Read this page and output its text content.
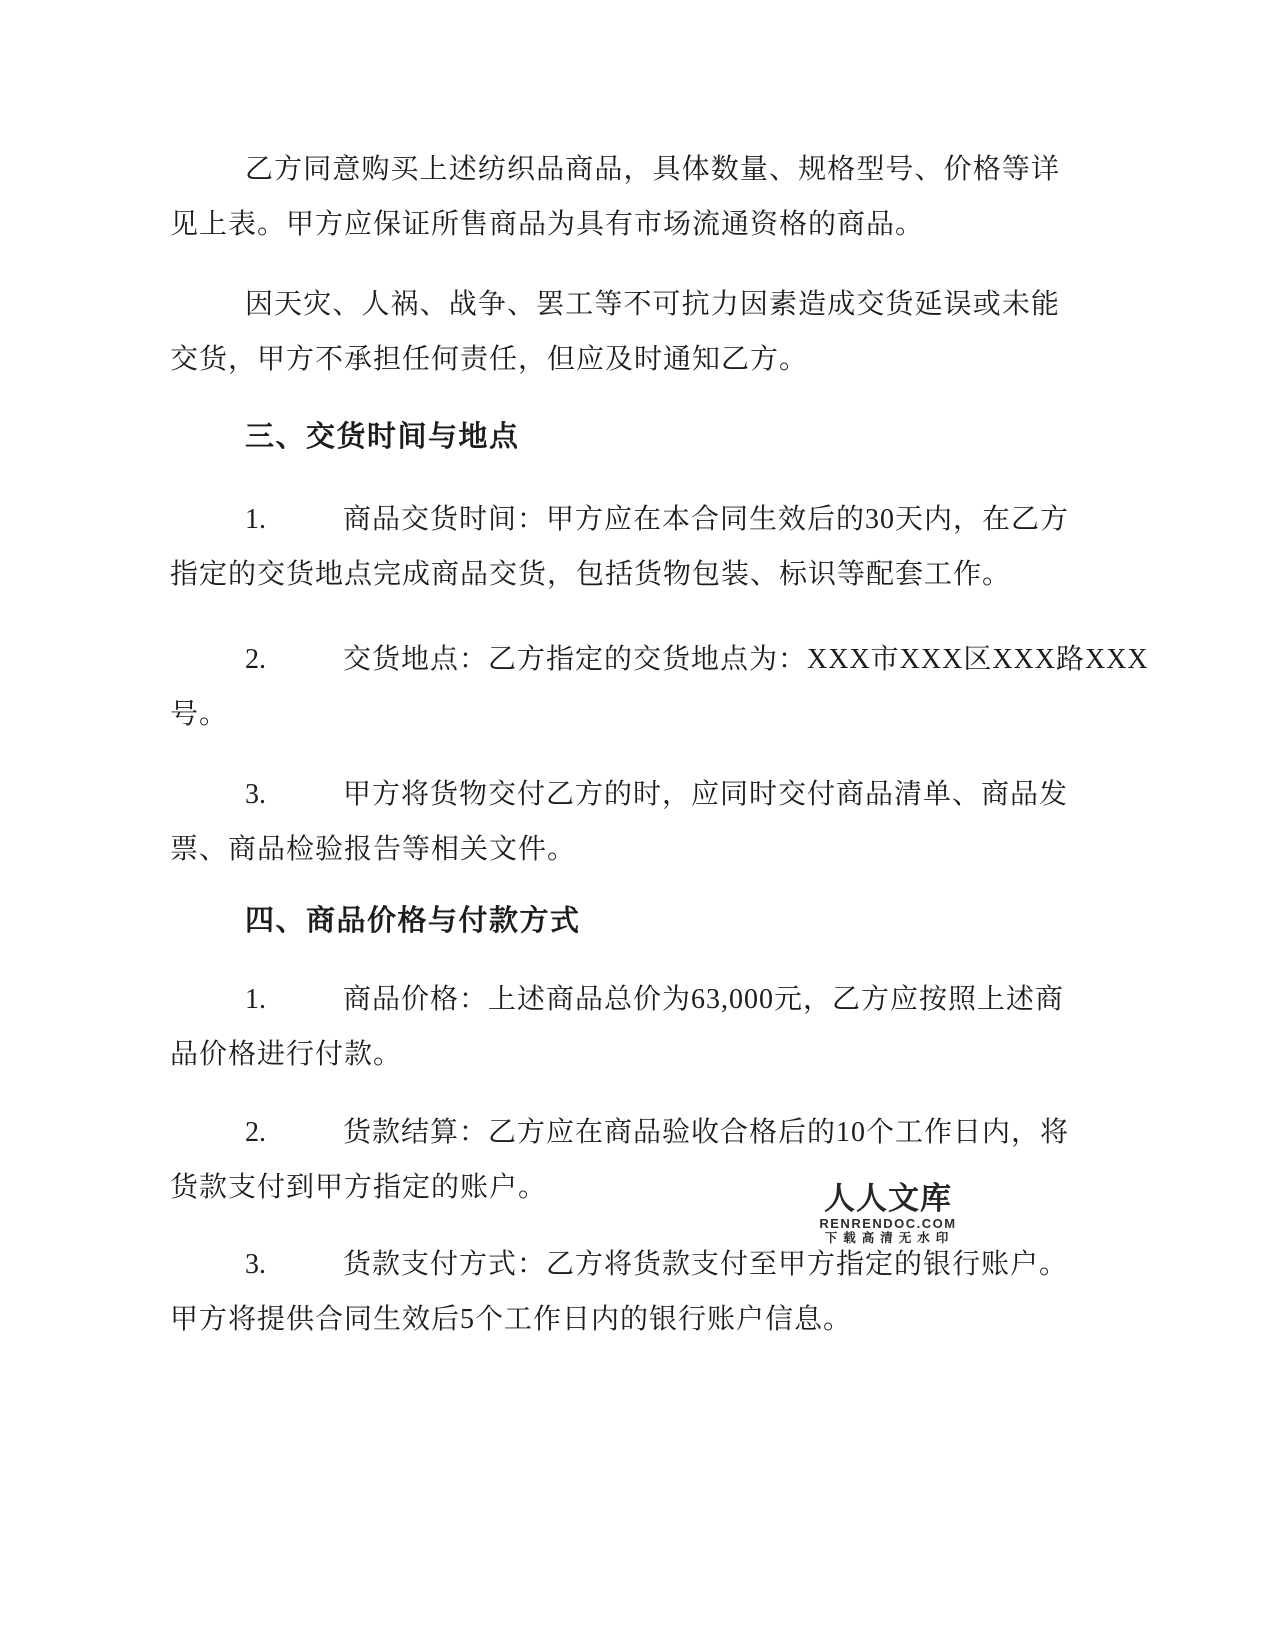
乙方同意购买上述纺织品商品，具体数量、规格型号、价格等详
见上表。甲方应保证所售商品为具有市场流通资格的商品。
因天灾、人祸、战争、罢工等不可抗力因素造成交货延误或未能
交货，甲方不承担任何责任，但应及时通知乙方。
三、交货时间与地点
1.	商品交货时间：甲方应在本合同生效后的30天内，在乙方
指定的交货地点完成商品交货，包括货物包装、标识等配套工作。
2.	交货地点：乙方指定的交货地点为：XXX市XXX区XXX路XXX
号。
3.	甲方将货物交付乙方的时，应同时交付商品清单、商品发
票、商品检验报告等相关文件。
四、商品价格与付款方式
1.	商品价格：上述商品总价为63,000元，乙方应按照上述商
品价格进行付款。
2.	货款结算：乙方应在商品验收合格后的10个工作日内，将
货款支付到甲方指定的账户。
3.	货款支付方式：乙方将货款支付至甲方指定的银行账户。
甲方将提供合同生效后5个工作日内的银行账户信息。
人人文库
RENRENDOC.COM
下载高清无水印
